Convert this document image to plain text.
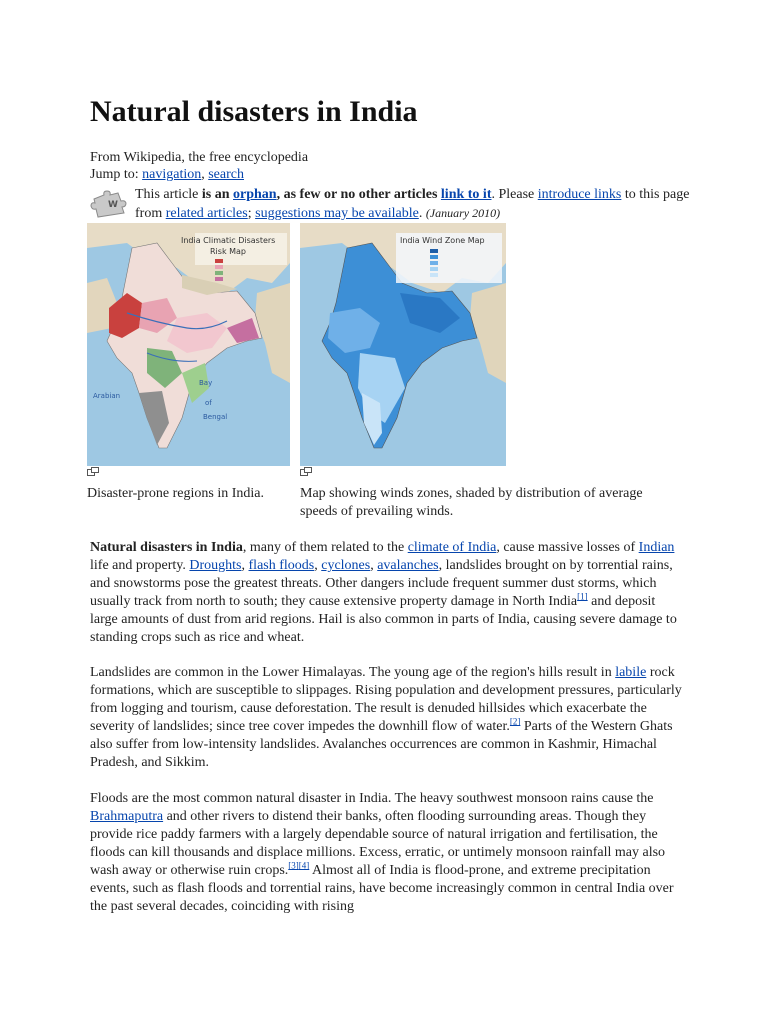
Natural disasters in India
From Wikipedia, the free encyclopedia
Jump to: navigation, search
W
This article is an orphan, as few or no other articles link to it. Please introduce links to this page from related articles; suggestions may be available. (January 2010)
India Climatic Disasters
Risk Map
Bay
of
Bengal
Arabian
India Wind Zone Map
Disaster-prone regions in India.	Map showing winds zones, shaded by distribution of average speeds of prevailing winds.

Natural disasters in India, many of them related to the climate of India, cause massive losses of Indian life and property. Droughts, flash floods, cyclones, avalanches, landslides brought on by torrential rains, and snowstorms pose the greatest threats. Other dangers include frequent summer dust storms, which usually track from north to south; they cause extensive property damage in North India[1] and deposit large amounts of dust from arid regions. Hail is also common in parts of India, causing severe damage to standing crops such as rice and wheat.

Landslides are common in the Lower Himalayas. The young age of the region's hills result in labile rock formations, which are susceptible to slippages. Rising population and development pressures, particularly from logging and tourism, cause deforestation. The result is denuded hillsides which exacerbate the severity of landslides; since tree cover impedes the downhill flow of water.[2] Parts of the Western Ghats also suffer from low-intensity landslides. Avalanches occurrences are common in Kashmir, Himachal Pradesh, and Sikkim.

Floods are the most common natural disaster in India. The heavy southwest monsoon rains cause the Brahmaputra and other rivers to distend their banks, often flooding surrounding areas. Though they provide rice paddy farmers with a largely dependable source of natural irrigation and fertilisation, the floods can kill thousands and displace millions. Excess, erratic, or untimely monsoon rainfall may also wash away or otherwise ruin crops.[3][4] Almost all of India is flood-prone, and extreme precipitation events, such as flash floods and torrential rains, have become increasingly common in central India over the past several decades, coinciding with rising
